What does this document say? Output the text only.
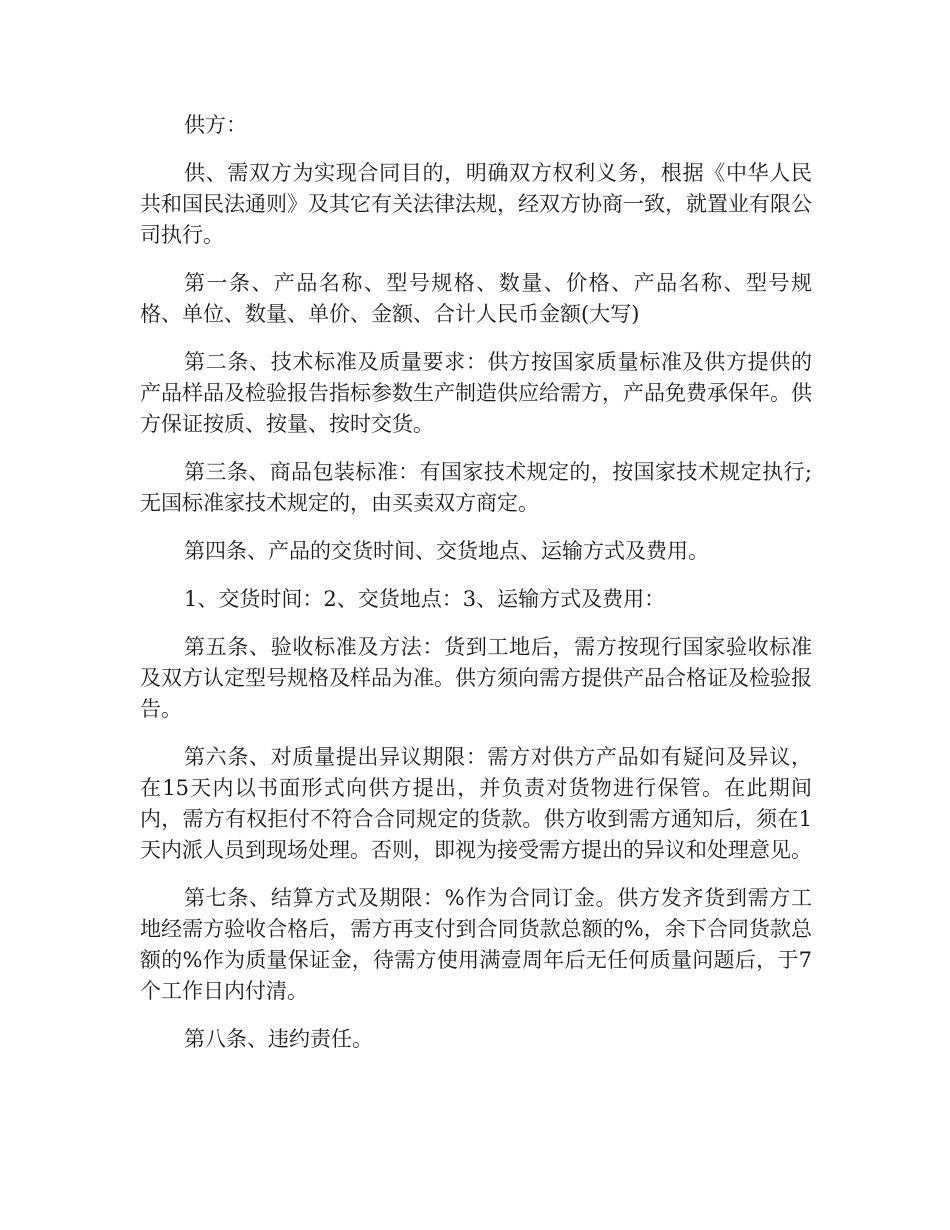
供方：

供、需双方为实现合同目的，明确双方权利义务，根据《中华人民共和国民法通则》及其它有关法律法规，经双方协商一致，就置业有限公司执行。

第一条、产品名称、型号规格、数量、价格、产品名称、型号规格、单位、数量、单价、金额、合计人民币金额(大写)

第二条、技术标准及质量要求：供方按国家质量标准及供方提供的产品样品及检验报告指标参数生产制造供应给需方，产品免费承保年。供方保证按质、按量、按时交货。

第三条、商品包装标准：有国家技术规定的，按国家技术规定执行;无国标准家技术规定的，由买卖双方商定。

第四条、产品的交货时间、交货地点、运输方式及费用。

1、交货时间：2、交货地点：3、运输方式及费用：

第五条、验收标准及方法：货到工地后，需方按现行国家验收标准及双方认定型号规格及样品为准。供方须向需方提供产品合格证及检验报告。

第六条、对质量提出异议期限：需方对供方产品如有疑问及异议，在15天内以书面形式向供方提出，并负责对货物进行保管。在此期间内，需方有权拒付不符合合同规定的货款。供方收到需方通知后，须在1天内派人员到现场处理。否则，即视为接受需方提出的异议和处理意见。

第七条、结算方式及期限：%作为合同订金。供方发齐货到需方工地经需方验收合格后，需方再支付到合同货款总额的%，余下合同货款总额的%作为质量保证金，待需方使用满壹周年后无任何质量问题后，于7个工作日内付清。

第八条、违约责任。
